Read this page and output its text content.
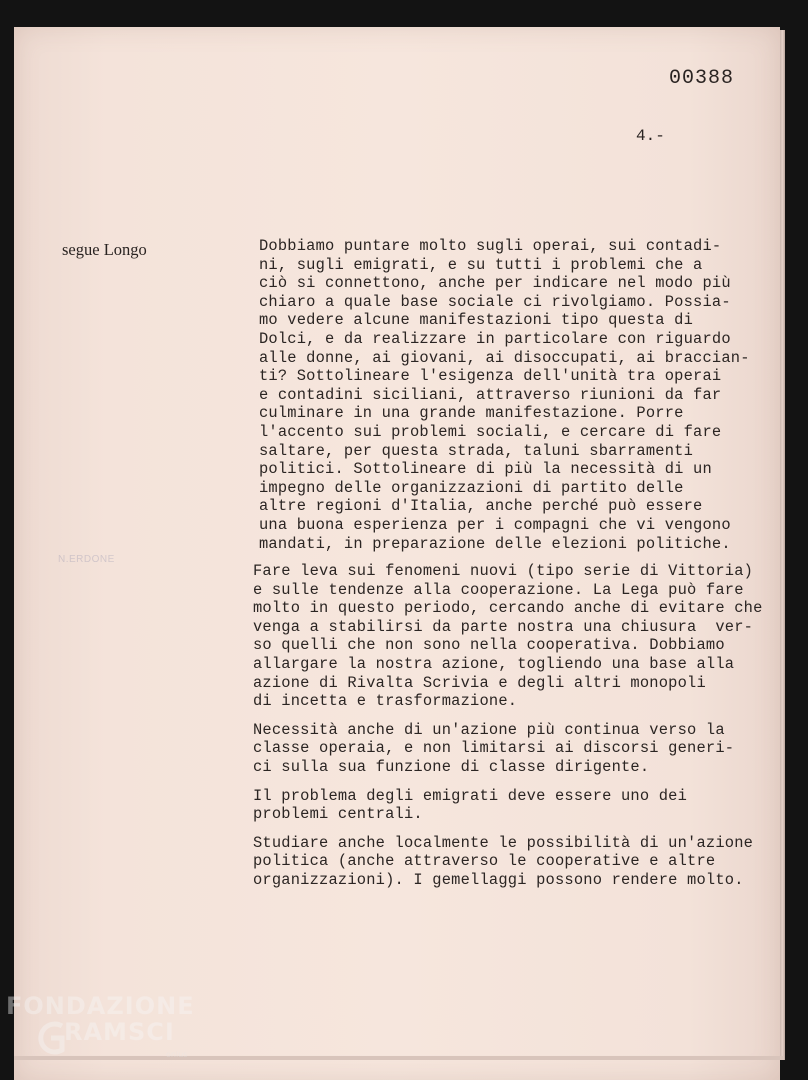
00388
4.-
segue Longo
N.ERDONE

Dobbiamo puntare molto sugli operai, sui contadi-
ni, sugli emigrati, e su tutti i problemi che a
ciò si connettono, anche per indicare nel modo più
chiaro a quale base sociale ci rivolgiamo. Possia-
mo vedere alcune manifestazioni tipo questa di
Dolci, e da realizzare in particolare con riguardo
alle donne, ai giovani, ai disoccupati, ai braccian-
ti? Sottolineare l'esigenza dell'unità tra operai
e contadini siciliani, attraverso riunioni da far
culminare in una grande manifestazione. Porre
l'accento sui problemi sociali, e cercare di fare
saltare, per questa strada, taluni sbarramenti
politici. Sottolineare di più la necessità di un
impegno delle organizzazioni di partito delle
altre regioni d'Italia, anche perché può essere
una buona esperienza per i compagni che vi vengono
mandati, in preparazione delle elezioni politiche.

Fare leva sui fenomeni nuovi (tipo serie di Vittoria)
e sulle tendenze alla cooperazione. La Lega può fare
molto in questo periodo, cercando anche di evitare che
venga a stabilirsi da parte nostra una chiusura  ver-
so quelli che non sono nella cooperativa. Dobbiamo
allargare la nostra azione, togliendo una base alla
azione di Rivalta Scrivia e degli altri monopoli
di incetta e trasformazione.

Necessità anche di un'azione più continua verso la
classe operaia, e non limitarsi ai discorsi generi-
ci sulla sua funzione di classe dirigente.

Il problema degli emigrati deve essere uno dei
problemi centrali.

Studiare anche localmente le possibilità di un'azione
politica (anche attraverso le cooperative e altre
organizzazioni). I gemellaggi possono rendere molto.

FONDAZIONE
RAMSCI
onlus
